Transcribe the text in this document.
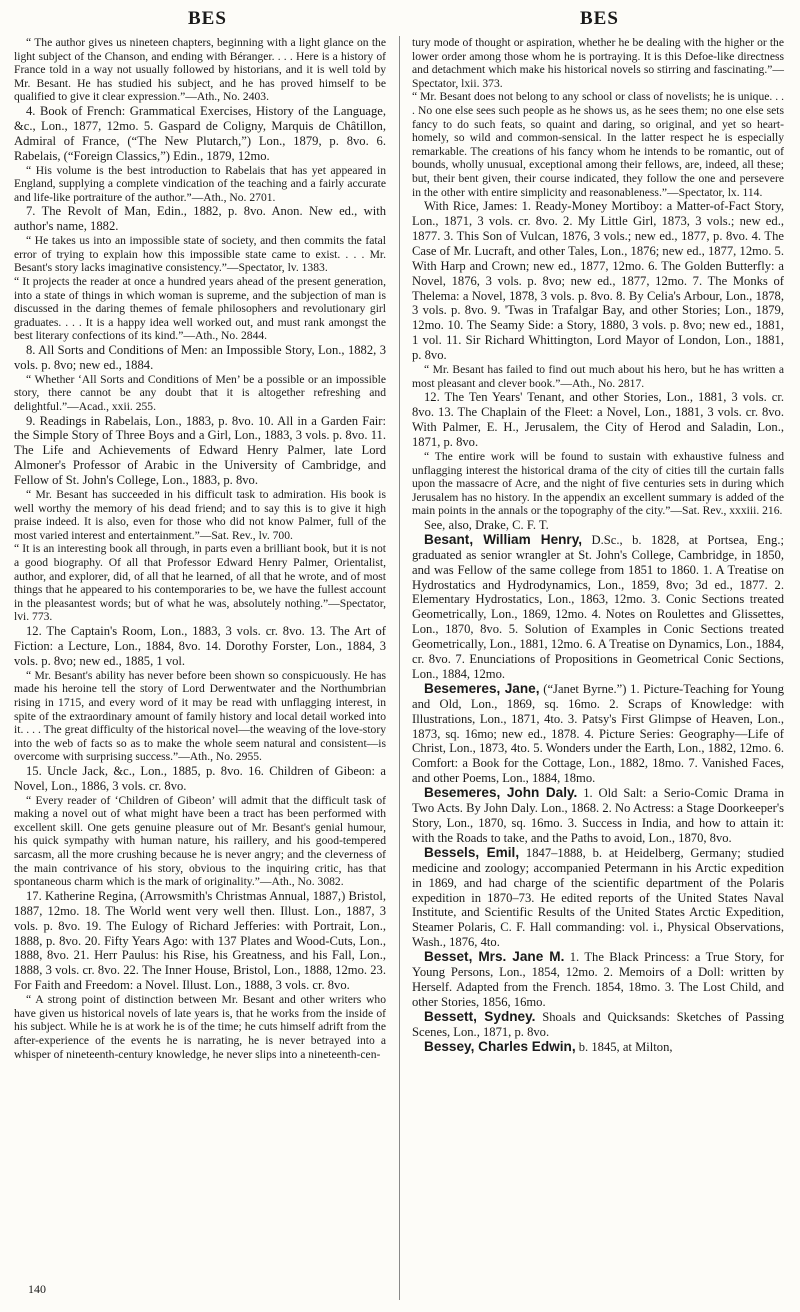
BES	BES

“ The author gives us nineteen chapters, beginning with a light glance on the light subject of the Chanson, and ending with Béranger. . . . Here is a history of France told in a way not usually followed by historians, and it is well told by Mr. Besant. He has studied his subject, and he has proved himself to be qualified to give it clear expression.”—Ath., No. 2403.

4. Book of French: Grammatical Exercises, History of the Language, &c., Lon., 1877, 12mo. 5. Gaspard de Coligny, Marquis de Châtillon, Admiral of France, (“The New Plutarch,”) Lon., 1879, p. 8vo. 6. Rabelais, (“Foreign Classics,”) Edin., 1879, 12mo.

“ His volume is the best introduction to Rabelais that has yet appeared in England, supplying a complete vindication of the teaching and a fairly accurate and life-like portraiture of the author.”—Ath., No. 2701.

7. The Revolt of Man, Edin., 1882, p. 8vo. Anon. New ed., with author's name, 1882.

“ He takes us into an impossible state of society, and then commits the fatal error of trying to explain how this impossible state came to exist. . . . Mr. Besant's story lacks imaginative consistency.”—Spectator, lv. 1383.
“ It projects the reader at once a hundred years ahead of the present generation, into a state of things in which woman is supreme, and the subjection of man is discussed in the daring themes of female philosophers and revolutionary girl graduates. . . . It is a happy idea well worked out, and must rank amongst the best literary confections of its kind.”—Ath., No. 2844.

8. All Sorts and Conditions of Men: an Impossible Story, Lon., 1882, 3 vols. p. 8vo; new ed., 1884.

“ Whether ‘All Sorts and Conditions of Men’ be a possible or an impossible story, there cannot be any doubt that it is altogether refreshing and delightful.”—Acad., xxii. 255.

9. Readings in Rabelais, Lon., 1883, p. 8vo. 10. All in a Garden Fair: the Simple Story of Three Boys and a Girl, Lon., 1883, 3 vols. p. 8vo. 11. The Life and Achievements of Edward Henry Palmer, late Lord Almoner's Professor of Arabic in the University of Cambridge, and Fellow of St. John's College, Lon., 1883, p. 8vo.

“ Mr. Besant has succeeded in his difficult task to admiration. His book is well worthy the memory of his dead friend; and to say this is to give it high praise indeed. It is also, even for those who did not know Palmer, full of the most varied interest and entertainment.”—Sat. Rev., lv. 700.
“ It is an interesting book all through, in parts even a brilliant book, but it is not a good biography. Of all that Professor Edward Henry Palmer, Orientalist, author, and explorer, did, of all that he learned, of all that he wrote, and of most things that he appeared to his contemporaries to be, we have the fullest account in the pleasantest words; but of what he was, absolutely nothing.”—Spectator, lvi. 773.

12. The Captain's Room, Lon., 1883, 3 vols. cr. 8vo. 13. The Art of Fiction: a Lecture, Lon., 1884, 8vo. 14. Dorothy Forster, Lon., 1884, 3 vols. p. 8vo; new ed., 1885, 1 vol.

“ Mr. Besant's ability has never before been shown so conspicuously. He has made his heroine tell the story of Lord Derwentwater and the Northumbrian rising in 1715, and every word of it may be read with unflagging interest, in spite of the extraordinary amount of family history and local detail worked into it. . . . The great difficulty of the historical novel—the weaving of the love-story into the web of facts so as to make the whole seem natural and consistent—is overcome with surprising success.”—Ath., No. 2955.

15. Uncle Jack, &c., Lon., 1885, p. 8vo. 16. Children of Gibeon: a Novel, Lon., 1886, 3 vols. cr. 8vo.

“ Every reader of ‘Children of Gibeon’ will admit that the difficult task of making a novel out of what might have been a tract has been performed with excellent skill. One gets genuine pleasure out of Mr. Besant's genial humour, his quick sympathy with human nature, his raillery, and his good-tempered sarcasm, all the more crushing because he is never angry; and the cleverness of the main contrivance of his story, obvious to the inquiring critic, has that spontaneous charm which is the mark of originality.”—Ath., No. 3082.

17. Katherine Regina, (Arrowsmith's Christmas Annual, 1887,) Bristol, 1887, 12mo. 18. The World went very well then. Illust. Lon., 1887, 3 vols. p. 8vo. 19. The Eulogy of Richard Jefferies: with Portrait, Lon., 1888, p. 8vo. 20. Fifty Years Ago: with 137 Plates and Wood-Cuts, Lon., 1888, 8vo. 21. Herr Paulus: his Rise, his Greatness, and his Fall, Lon., 1888, 3 vols. cr. 8vo. 22. The Inner House, Bristol, Lon., 1888, 12mo. 23. For Faith and Freedom: a Novel. Illust. Lon., 1888, 3 vols. cr. 8vo.

“ A strong point of distinction between Mr. Besant and other writers who have given us historical novels of late years is, that he works from the inside of his subject. While he is at work he is of the time; he cuts himself adrift from the after-experience of the events he is narrating, he is never betrayed into a whisper of nineteenth-century knowledge, he never slips into a nineteenth-cen-

tury mode of thought or aspiration, whether he be dealing with the higher or the lower order among those whom he is portraying. It is this Defoe-like directness and detachment which make his historical novels so stirring and fascinating.”—Spectator, lxii. 373.
“ Mr. Besant does not belong to any school or class of novelists; he is unique. . . . No one else sees such people as he shows us, as he sees them; no one else sets fancy to do such feats, so quaint and daring, so original, and yet so heart-homely, so wild and common-sensical. In the latter respect he is especially remarkable. The creations of his fancy whom he intends to be romantic, out of bounds, wholly unusual, exceptional among their fellows, are, indeed, all these; but, their bent given, their course indicated, they follow the one and persevere in the other with entire simplicity and reasonableness.”—Spectator, lx. 114.

With Rice, James: 1. Ready-Money Mortiboy: a Matter-of-Fact Story, Lon., 1871, 3 vols. cr. 8vo. 2. My Little Girl, 1873, 3 vols.; new ed., 1877. 3. This Son of Vulcan, 1876, 3 vols.; new ed., 1877, p. 8vo. 4. The Case of Mr. Lucraft, and other Tales, Lon., 1876; new ed., 1877, 12mo. 5. With Harp and Crown; new ed., 1877, 12mo. 6. The Golden Butterfly: a Novel, 1876, 3 vols. p. 8vo; new ed., 1877, 12mo. 7. The Monks of Thelema: a Novel, 1878, 3 vols. p. 8vo. 8. By Celia's Arbour, Lon., 1878, 3 vols. p. 8vo. 9. 'Twas in Trafalgar Bay, and other Stories; Lon., 1879, 12mo. 10. The Seamy Side: a Story, 1880, 3 vols. p. 8vo; new ed., 1881, 1 vol. 11. Sir Richard Whittington, Lord Mayor of London, Lon., 1881, p. 8vo.

“ Mr. Besant has failed to find out much about his hero, but he has written a most pleasant and clever book.”—Ath., No. 2817.

12. The Ten Years' Tenant, and other Stories, Lon., 1881, 3 vols. cr. 8vo. 13. The Chaplain of the Fleet: a Novel, Lon., 1881, 3 vols. cr. 8vo. With Palmer, E. H., Jerusalem, the City of Herod and Saladin, Lon., 1871, p. 8vo.

“ The entire work will be found to sustain with exhaustive fulness and unflagging interest the historical drama of the city of cities till the curtain falls upon the massacre of Acre, and the night of five centuries sets in during which Jerusalem has no history. In the appendix an excellent summary is added of the main points in the annals or the topography of the city.”—Sat. Rev., xxxiii. 216.

See, also, Drake, C. F. T.

Besant, William Henry, D.Sc., b. 1828, at Portsea, Eng.; graduated as senior wrangler at St. John's College, Cambridge, in 1850, and was Fellow of the same college from 1851 to 1860. 1. A Treatise on Hydrostatics and Hydrodynamics, Lon., 1859, 8vo; 3d ed., 1877. 2. Elementary Hydrostatics, Lon., 1863, 12mo. 3. Conic Sections treated Geometrically, Lon., 1869, 12mo. 4. Notes on Roulettes and Glissettes, Lon., 1870, 8vo. 5. Solution of Examples in Conic Sections treated Geometrically, Lon., 1881, 12mo. 6. A Treatise on Dynamics, Lon., 1884, cr. 8vo. 7. Enunciations of Propositions in Geometrical Conic Sections, Lon., 1884, 12mo.

Besemeres, Jane, (“Janet Byrne.”) 1. Picture-Teaching for Young and Old, Lon., 1869, sq. 16mo. 2. Scraps of Knowledge: with Illustrations, Lon., 1871, 4to. 3. Patsy's First Glimpse of Heaven, Lon., 1873, sq. 16mo; new ed., 1878. 4. Picture Series: Geography—Life of Christ, Lon., 1873, 4to. 5. Wonders under the Earth, Lon., 1882, 12mo. 6. Comfort: a Book for the Cottage, Lon., 1882, 18mo. 7. Vanished Faces, and other Poems, Lon., 1884, 18mo.

Besemeres, John Daly. 1. Old Salt: a Serio-Comic Drama in Two Acts. By John Daly. Lon., 1868. 2. No Actress: a Stage Doorkeeper's Story, Lon., 1870, sq. 16mo. 3. Success in India, and how to attain it: with the Roads to take, and the Paths to avoid, Lon., 1870, 8vo.

Bessels, Emil, 1847–1888, b. at Heidelberg, Germany; studied medicine and zoology; accompanied Petermann in his Arctic expedition in 1869, and had charge of the scientific department of the Polaris expedition in 1870–73. He edited reports of the United States Naval Institute, and Scientific Results of the United States Arctic Expedition, Steamer Polaris, C. F. Hall commanding: vol. i., Physical Observations, Wash., 1876, 4to.

Besset, Mrs. Jane M. 1. The Black Princess: a True Story, for Young Persons, Lon., 1854, 12mo. 2. Memoirs of a Doll: written by Herself. Adapted from the French. 1854, 18mo. 3. The Lost Child, and other Stories, 1856, 16mo.

Bessett, Sydney. Shoals and Quicksands: Sketches of Passing Scenes, Lon., 1871, p. 8vo.

Bessey, Charles Edwin, b. 1845, at Milton,

140
